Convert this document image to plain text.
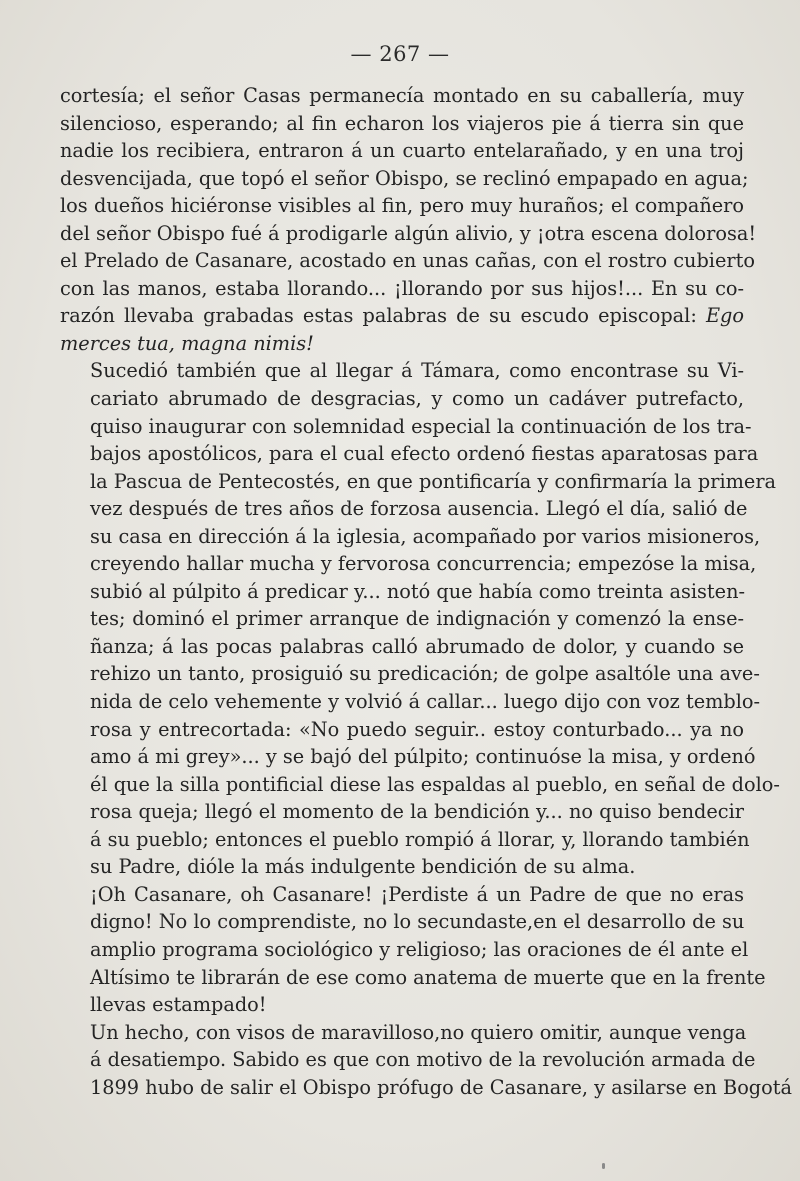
— 267 —

cortesía; el señor Casas permanecía montado en su caballería, muy
silencioso, esperando; al fin echaron los viajeros pie á tierra sin que
nadie los recibiera, entraron á un cuarto entelarañado, y en una troj
desvencijada, que topó el señor Obispo, se reclinó empapado en agua;
los dueños hiciéronse visibles al fin, pero muy huraños; el compañero
del señor Obispo fué á prodigarle algún alivio, y ¡otra escena dolorosa!
el Prelado de Casanare, acostado en unas cañas, con el rostro cubierto
con las manos, estaba llorando... ¡llorando por sus hijos!... En su co-
razón llevaba grabadas estas palabras de su escudo episcopal: Ego
merces tua, magna nimis!

Sucedió también que al llegar á Támara, como encontrase su Vi-
cariato abrumado de desgracias, y como un cadáver putrefacto,
quiso inaugurar con solemnidad especial la continuación de los tra-
bajos apostólicos, para el cual efecto ordenó fiestas aparatosas para
la Pascua de Pentecostés, en que pontificaría y confirmaría la primera
vez después de tres años de forzosa ausencia. Llegó el día, salió de
su casa en dirección á la iglesia, acompañado por varios misioneros,
creyendo hallar mucha y fervorosa concurrencia; empezóse la misa,
subió al púlpito á predicar y... notó que había como treinta asisten-
tes; dominó el primer arranque de indignación y comenzó la ense-
ñanza; á las pocas palabras calló abrumado de dolor, y cuando se
rehizo un tanto, prosiguió su predicación; de golpe asaltóle una ave-
nida de celo vehemente y volvió á callar... luego dijo con voz temblo-
rosa y entrecortada: «No puedo seguir.. estoy conturbado... ya no
amo á mi grey»... y se bajó del púlpito; continuóse la misa, y ordenó
él que la silla pontificial diese las espaldas al pueblo, en señal de dolo-
rosa queja; llegó el momento de la bendición y... no quiso bendecir
á su pueblo; entonces el pueblo rompió á llorar, y, llorando también
su Padre, dióle la más indulgente bendición de su alma.

¡Oh Casanare, oh Casanare! ¡Perdiste á un Padre de que no eras
digno! No lo comprendiste, no lo secundaste,en el desarrollo de su
amplio programa sociológico y religioso; las oraciones de él ante el
Altísimo te librarán de ese como anatema de muerte que en la frente
llevas estampado!

Un hecho, con visos de maravilloso,no quiero omitir, aunque venga
á desatiempo. Sabido es que con motivo de la revolución armada de
1899 hubo de salir el Obispo prófugo de Casanare, y asilarse en Bogotá
